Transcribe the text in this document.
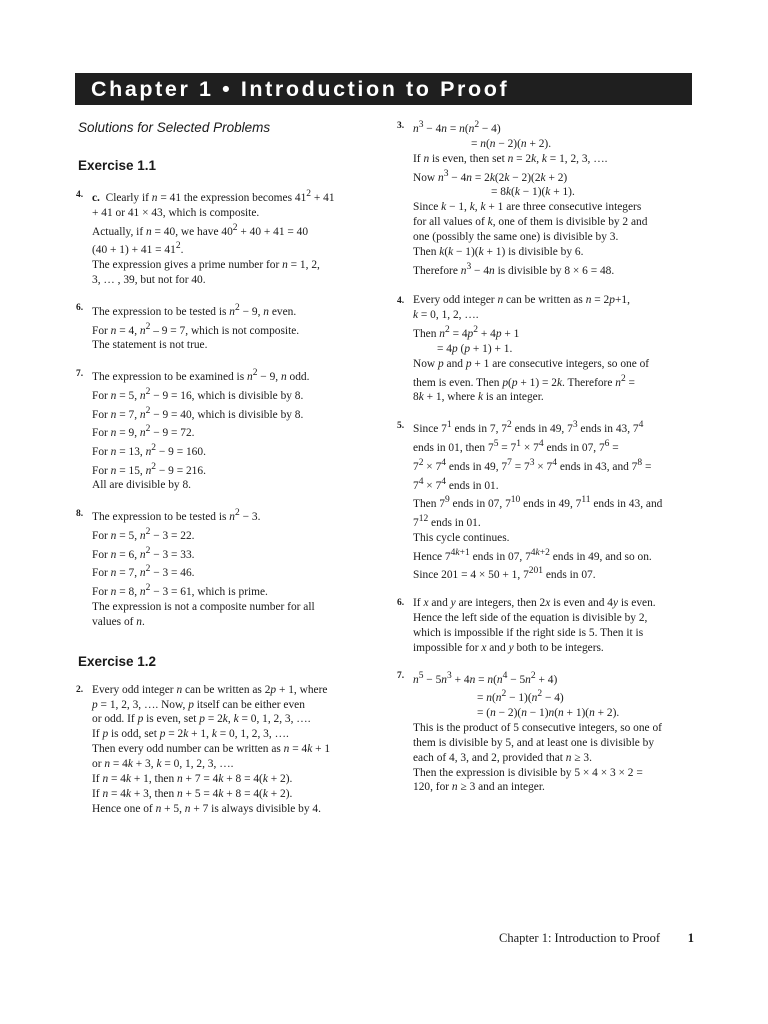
Chapter 1 • Introduction to Proof
Solutions for Selected Problems
Exercise 1.1
4. c.  Clearly if n = 41 the expression becomes $41^2 + 41$
+ 41 or 41 × 43, which is composite.
Actually, if n = 40, we have $40^2 + 40 + 41 = 40$
$(40 + 1) + 41 = 41^2$.
The expression gives a prime number for n = 1, 2,
3, … , 39, but not for 40.
6. The expression to be tested is $n^2 - 9$, n even.
For n = 4, $n^2 - 9 = 7$, which is not composite.
The statement is not true.
7. The expression to be examined is $n^2 - 9$, n odd.
For n = 5, $n^2 - 9 = 16$, which is divisible by 8.
For n = 7, $n^2 - 9 = 40$, which is divisible by 8.
For n = 9, $n^2 - 9 = 72$.
For n = 13, $n^2 - 9 = 160$.
For n = 15, $n^2 - 9 = 216$.
All are divisible by 8.
8. The expression to be tested is $n^2 - 3$.
For n = 5, $n^2 - 3 = 22$.
For n = 6, $n^2 - 3 = 33$.
For n = 7, $n^2 - 3 = 46$.
For n = 8, $n^2 - 3 = 61$, which is prime.
The expression is not a composite number for all
values of n.
Exercise 1.2
2. Every odd integer n can be written as 2p + 1, where
p = 1, 2, 3, …. Now, p itself can be either even
or odd. If p is even, set p = 2k, k = 0, 1, 2, 3, ….
If p is odd, set p = 2k + 1, k = 0, 1, 2, 3, ….
Then every odd number can be written as n = 4k + 1
or n = 4k + 3, k = 0, 1, 2, 3, ….
If n = 4k + 1, then n + 7 = 4k + 8 = 4(k + 2).
If n = 4k + 3, then n + 5 = 4k + 8 = 4(k + 2).
Hence one of n + 5, n + 7 is always divisible by 4.
3. $n^3 - 4n = n(n^2 - 4)$
= n(n − 2)(n + 2).
If n is even, then set n = 2k, k = 1, 2, 3, ….
Now $n^3 - 4n = 2k(2k - 2)(2k + 2)$
= 8k(k − 1)(k + 1).
Since k − 1, k, k + 1 are three consecutive integers
for all values of k, one of them is divisible by 2 and
one (possibly the same one) is divisible by 3.
Then k(k − 1)(k + 1) is divisible by 6.
Therefore $n^3 - 4n$ is divisible by 8 × 6 = 48.
4. Every odd integer n can be written as n = 2p+1,
k = 0, 1, 2, ….
Then $n^2 = 4p^2 + 4p + 1$
= 4p (p + 1) + 1.
Now p and p + 1 are consecutive integers, so one of
them is even. Then p(p + 1) = 2k. Therefore $n^2$ =
8k + 1, where k is an integer.
5. Since $7^1$ ends in 7, $7^2$ ends in 49, $7^3$ ends in 43, $7^4$
ends in 01, then $7^5 = 7^1 \times 7^4$ ends in 07, $7^6$ =
$7^2 \times 7^4$ ends in 49, $7^7 = 7^3 \times 7^4$ ends in 43, and $7^8$ =
$7^4 \times 7^4$ ends in 01.
Then $7^9$ ends in 07, $7^{10}$ ends in 49, $7^{11}$ ends in 43, and
$7^{12}$ ends in 01.
This cycle continues.
Hence $7^{4k+1}$ ends in 07, $7^{4k+2}$ ends in 49, and so on.
Since 201 = 4 × 50 + 1, $7^{201}$ ends in 07.
6. If x and y are integers, then 2x is even and 4y is even.
Hence the left side of the equation is divisible by 2,
which is impossible if the right side is 5. Then it is
impossible for x and y both to be integers.
7. $n^5 - 5n^3 + 4n = n(n^4 - 5n^2 + 4)$
= $n(n^2 - 1)(n^2 - 4)$
= (n − 2)(n − 1)n(n + 1)(n + 2).
This is the product of 5 consecutive integers, so one of
them is divisible by 5, and at least one is divisible by
each of 4, 3, and 2, provided that n ≥ 3.
Then the expression is divisible by 5 × 4 × 3 × 2 =
120, for n ≥ 3 and an integer.
Chapter 1: Introduction to Proof 1
